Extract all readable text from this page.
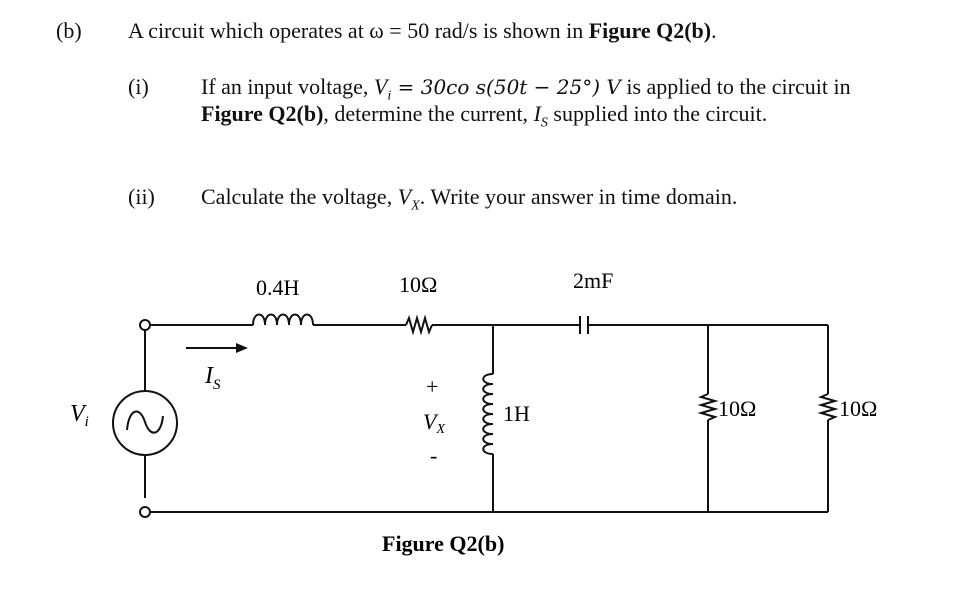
(b) A circuit which operates at ω = 50 rad/s is shown in Figure Q2(b).
(i) If an input voltage, $V_i = 30co$ s(50t − 25°) V is applied to the circuit in
Figure Q2(b), determine the current, $I_S$ supplied into the circuit.
(ii) Calculate the voltage, $V_X$. Write your answer in time domain.
0.4H	10Ω	2mF
$V_i$
$I_S$	+
VX
-
1H	10Ω	10Ω
Figure Q2(b)
